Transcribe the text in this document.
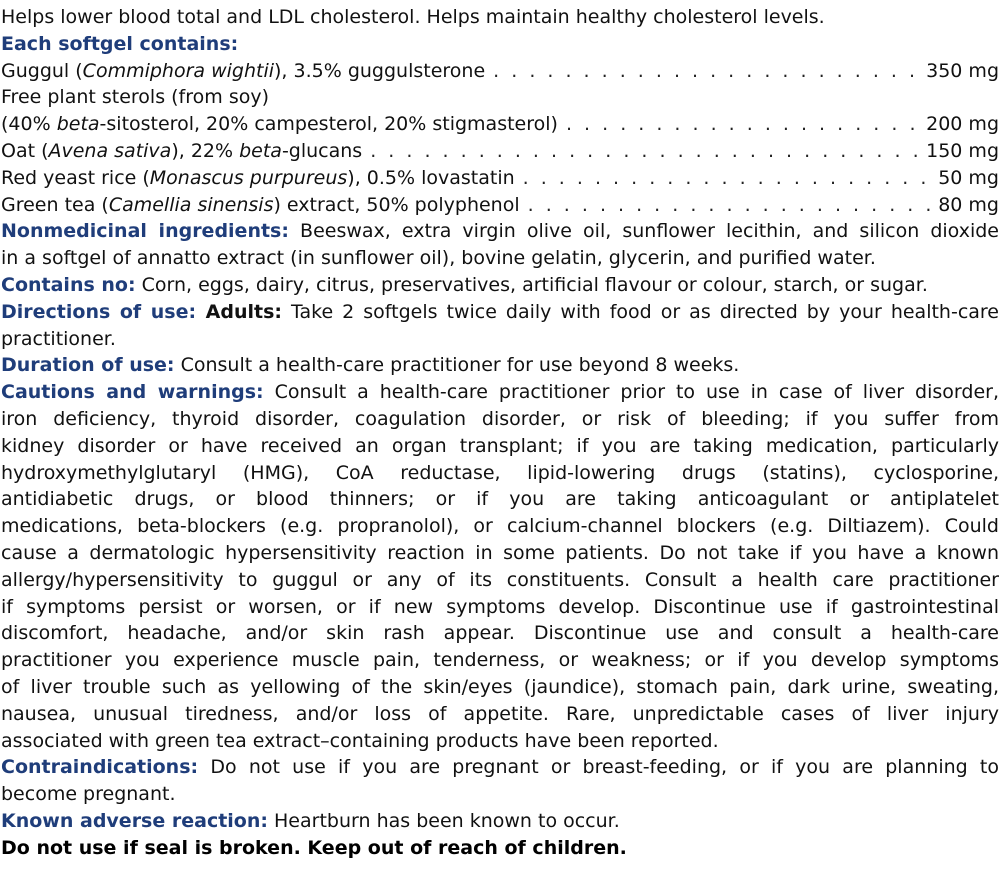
Helps lower blood total and LDL cholesterol. Helps maintain healthy cholesterol levels.
Each softgel contains:
Guggul (Commiphora wightii), 3.5% guggulsterone . . .	350 mg
Free plant sterols (from soy)
(40% beta-sitosterol, 20% campesterol, 20% stigmasterol) . . .	200 mg
Oat (Avena sativa), 22% beta-glucans . . .	150 mg
Red yeast rice (Monascus purpureus), 0.5% lovastatin . . .	50 mg
Green tea (Camellia sinensis) extract, 50% polyphenol . . .	80 mg
Nonmedicinal ingredients: Beeswax, extra virgin olive oil, sunflower lecithin, and silicon dioxide
in a softgel of annatto extract (in sunflower oil), bovine gelatin, glycerin, and purified water.
Contains no: Corn, eggs, dairy, citrus, preservatives, artificial flavour or colour, starch, or sugar.
Directions of use: Adults: Take 2 softgels twice daily with food or as directed by your health-care
practitioner.
Duration of use: Consult a health-care practitioner for use beyond 8 weeks.
Cautions and warnings: Consult a health-care practitioner prior to use in case of liver disorder,
iron deficiency, thyroid disorder, coagulation disorder, or risk of bleeding; if you suffer from
kidney disorder or have received an organ transplant; if you are taking medication, particularly
hydroxymethylglutaryl (HMG), CoA reductase, lipid-lowering drugs (statins), cyclosporine,
antidiabetic drugs, or blood thinners; or if you are taking anticoagulant or antiplatelet
medications, beta-blockers (e.g. propranolol), or calcium-channel blockers (e.g. Diltiazem). Could
cause a dermatologic hypersensitivity reaction in some patients. Do not take if you have a known
allergy/hypersensitivity to guggul or any of its constituents. Consult a health care practitioner
if symptoms persist or worsen, or if new symptoms develop. Discontinue use if gastrointestinal
discomfort, headache, and/or skin rash appear. Discontinue use and consult a health-care
practitioner you experience muscle pain, tenderness, or weakness; or if you develop symptoms
of liver trouble such as yellowing of the skin/eyes (jaundice), stomach pain, dark urine, sweating,
nausea, unusual tiredness, and/or loss of appetite. Rare, unpredictable cases of liver injury
associated with green tea extract–containing products have been reported.
Contraindications: Do not use if you are pregnant or breast-feeding, or if you are planning to
become pregnant.
Known adverse reaction: Heartburn has been known to occur.
Do not use if seal is broken. Keep out of reach of children.
